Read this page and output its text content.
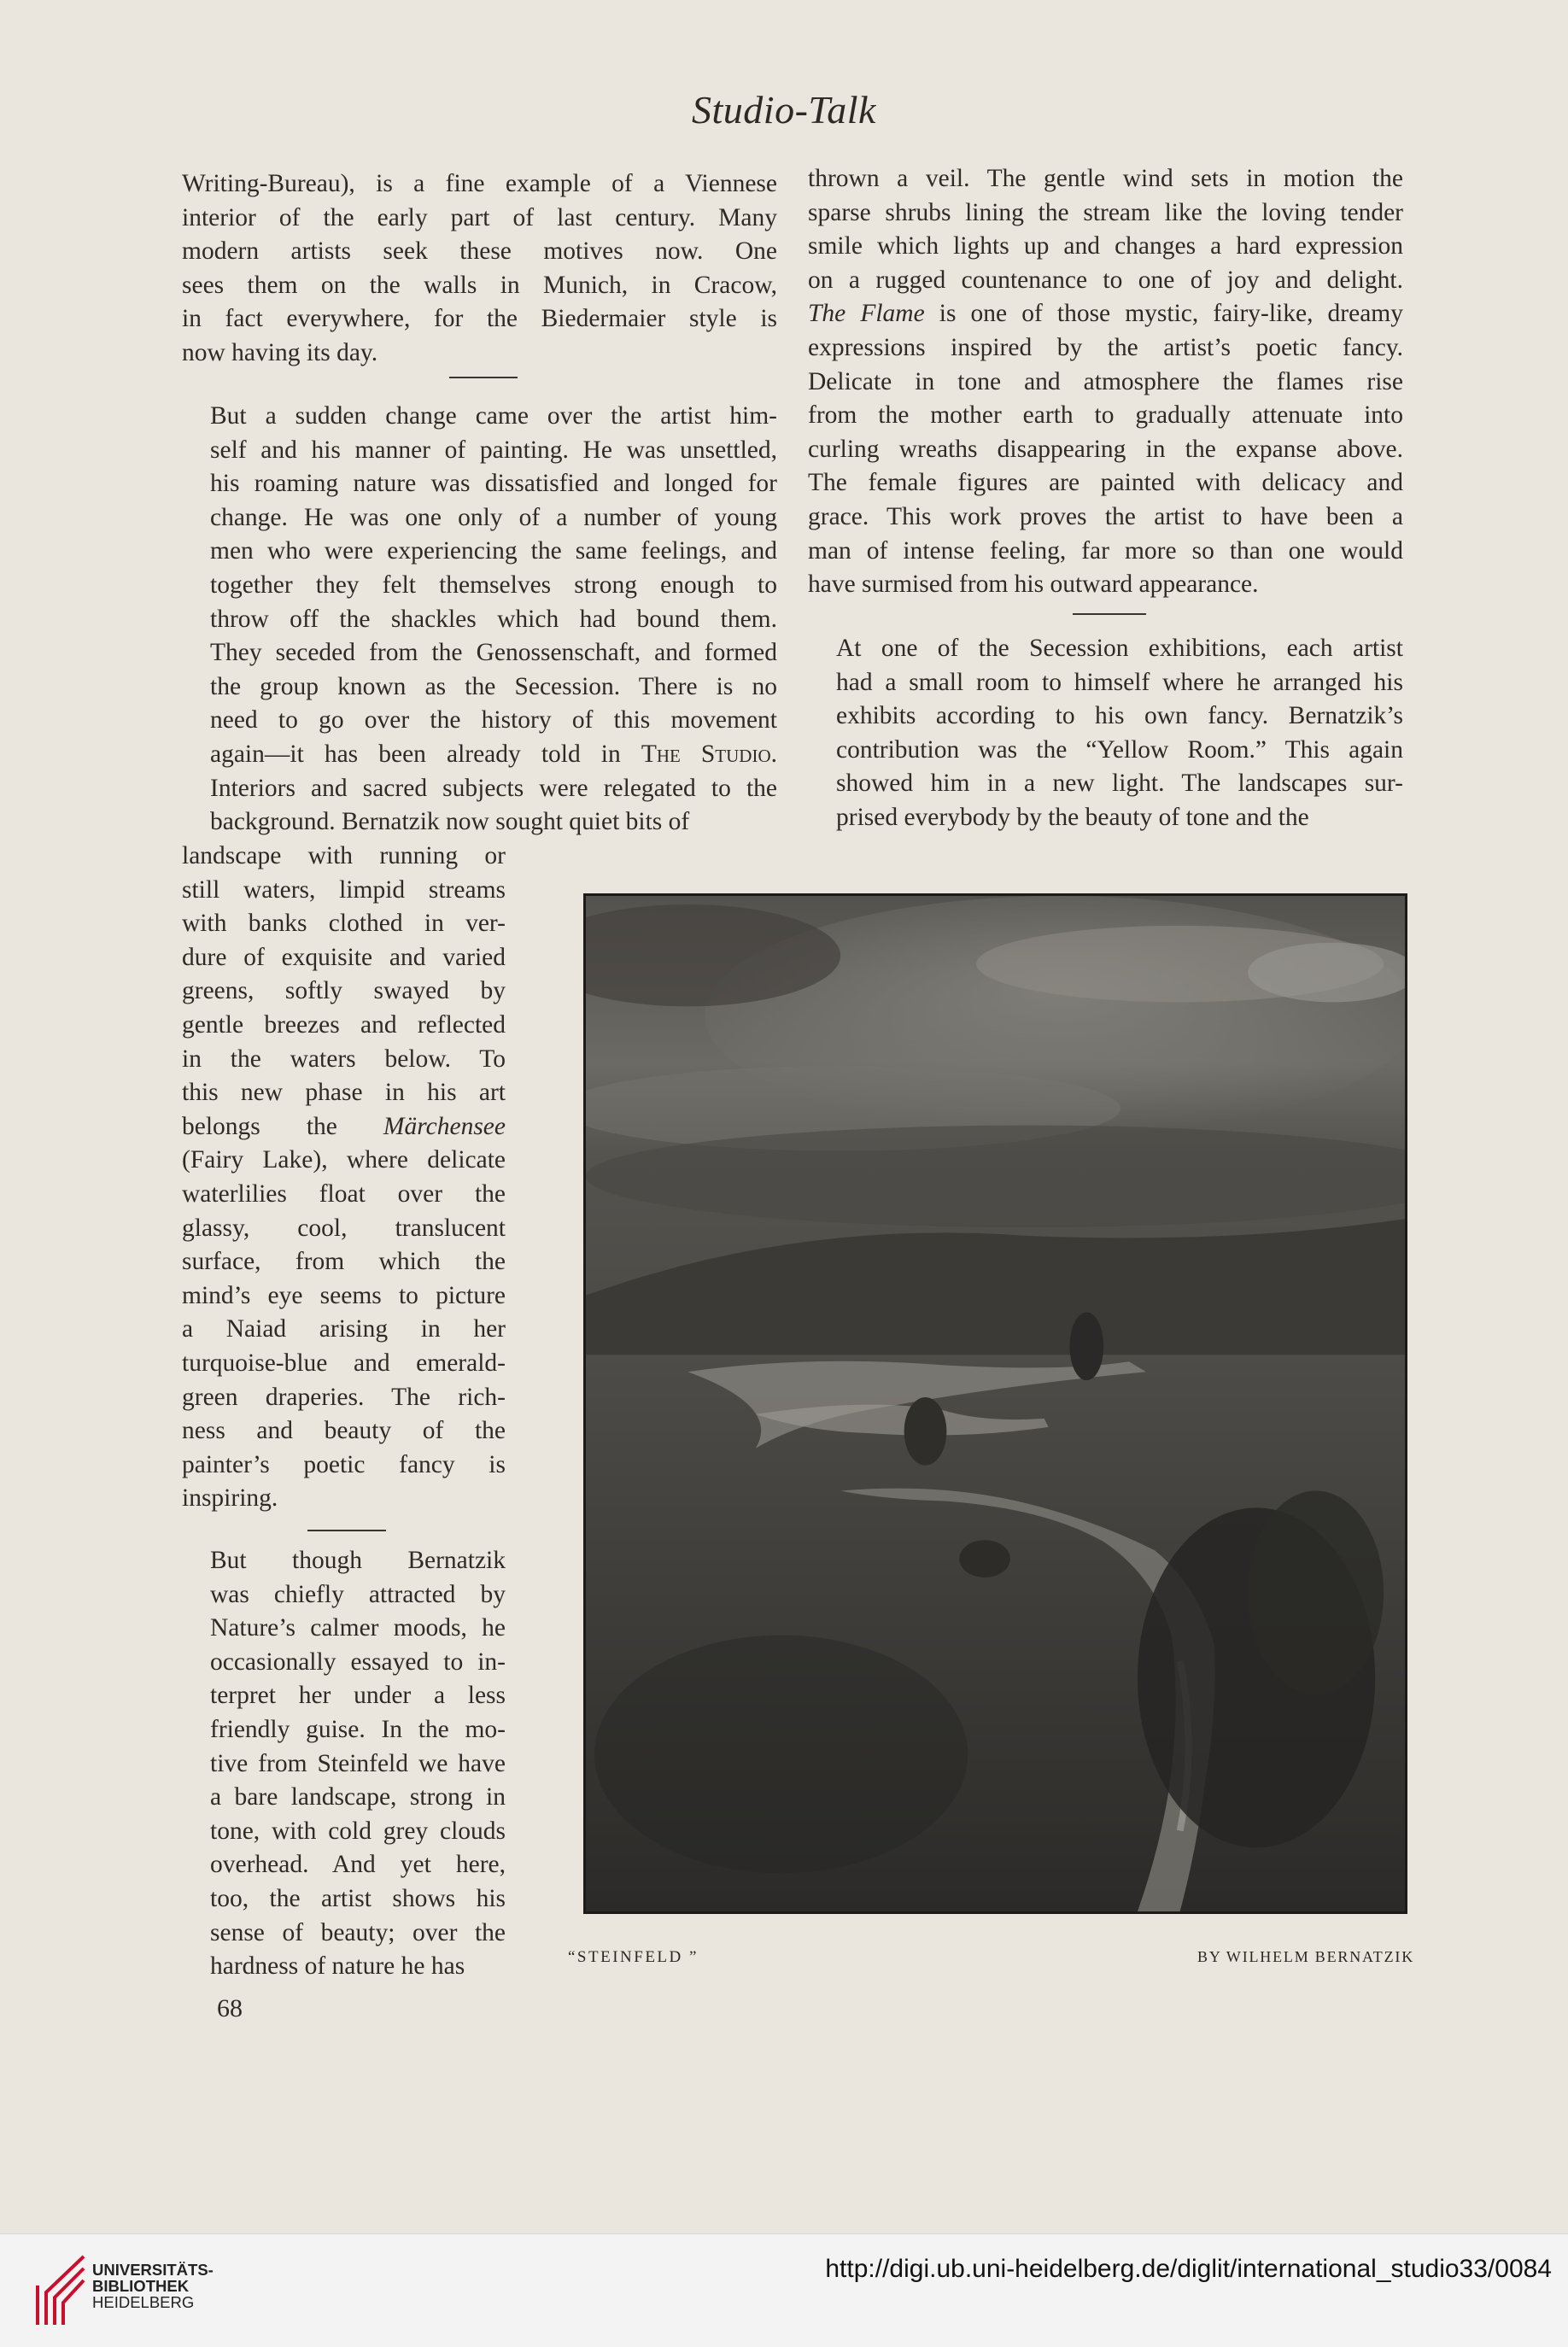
Studio-Talk

Writing-Bureau), is a fine example of a Viennese

interior of the early part of last century. Many

modern artists seek these motives now. One

sees them on the walls in Munich, in Cracow,

in fact everywhere, for the Biedermaier style is

now having its day.

But a sudden change came over the artist him-

self and his manner of painting. He was unsettled,

his roaming nature was dissatisfied and longed for

change. He was one only of a number of young

men who were experiencing the same feelings, and

together they felt themselves strong enough to

throw off the shackles which had bound them.

They seceded from the Genossenschaft, and formed

the group known as the Secession. There is no

need to go over the history of this movement

again—it has been already told in The Studio.

Interiors and sacred subjects were relegated to the

background. Bernatzik now sought quiet bits of

landscape with running or

still waters, limpid streams

with banks clothed in ver-

dure of exquisite and varied

greens, softly swayed by

gentle breezes and reflected

in the waters below. To

this new phase in his art

belongs the Märchensee

(Fairy Lake), where delicate

waterlilies float over the

glassy, cool, translucent

surface, from which the

mind’s eye seems to picture

a Naiad arising in her

turquoise-blue and emerald-

green draperies. The rich-

ness and beauty of the

painter’s poetic fancy is

inspiring.

But though Bernatzik

was chiefly attracted by

Nature’s calmer moods, he

occasionally essayed to in-

terpret her under a less

friendly guise. In the mo-

tive from Steinfeld we have

a bare landscape, strong in

tone, with cold grey clouds

overhead. And yet here,

too, the artist shows his

sense of beauty; over the

hardness of nature he has

thrown a veil. The gentle wind sets in motion the

sparse shrubs lining the stream like the loving tender

smile which lights up and changes a hard expression

on a rugged countenance to one of joy and delight.

The Flame is one of those mystic, fairy-like, dreamy

expressions inspired by the artist’s poetic fancy.

Delicate in tone and atmosphere the flames rise

from the mother earth to gradually attenuate into

curling wreaths disappearing in the expanse above.

The female figures are painted with delicacy and

grace. This work proves the artist to have been a

man of intense feeling, far more so than one would

have surmised from his outward appearance.

At one of the Secession exhibitions, each artist

had a small room to himself where he arranged his

exhibits according to his own fancy. Bernatzik’s

contribution was the “Yellow Room.” This again

showed him in a new light. The landscapes sur-

prised everybody by the beauty of tone and the

“STEINFELD ”	BY WILHELM BERNATZIK
68
UNIVERSITÄTS-
BIBLIOTHEK
HEIDELBERG
http://digi.ub.uni-heidelberg.de/diglit/international_studio33/0084
